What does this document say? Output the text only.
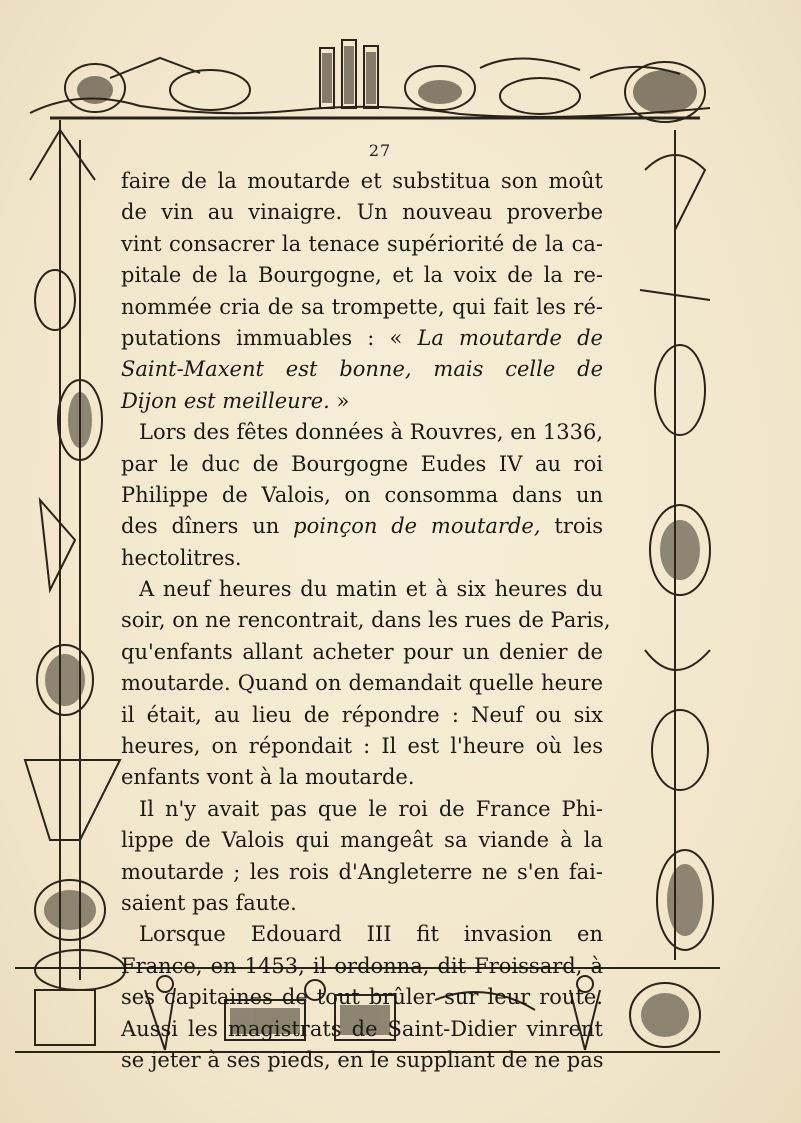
27
faire de la moutarde et substitua son moût
de vin au vinaigre. Un nouveau proverbe
vint consacrer la tenace supériorité de la ca-
pitale de la Bourgogne, et la voix de la re-
nommée cria de sa trompette, qui fait les ré-
putations immuables : « La moutarde de
Saint-Maxent est bonne, mais celle de
Dijon est meilleure. »
Lors des fêtes données à Rouvres, en 1336,
par le duc de Bourgogne Eudes IV au roi
Philippe de Valois, on consomma dans un
des dîners un poinçon de moutarde, trois
hectolitres.
A neuf heures du matin et à six heures du
soir, on ne rencontrait, dans les rues de Paris,
qu'enfants allant acheter pour un denier de
moutarde. Quand on demandait quelle heure
il était, au lieu de répondre : Neuf ou six
heures, on répondait : Il est l'heure où les
enfants vont à la moutarde.
Il n'y avait pas que le roi de France Phi-
lippe de Valois qui mangeât sa viande à la
moutarde ; les rois d'Angleterre ne s'en fai-
saient pas faute.
Lorsque Edouard III fit invasion en
France, en 1453, il ordonna, dit Froissard, à
ses capitaines de tout brûler sur leur route.
Aussi les magistrats de Saint-Didier vinrent
se jeter à ses pieds, en le suppliant de ne pas
